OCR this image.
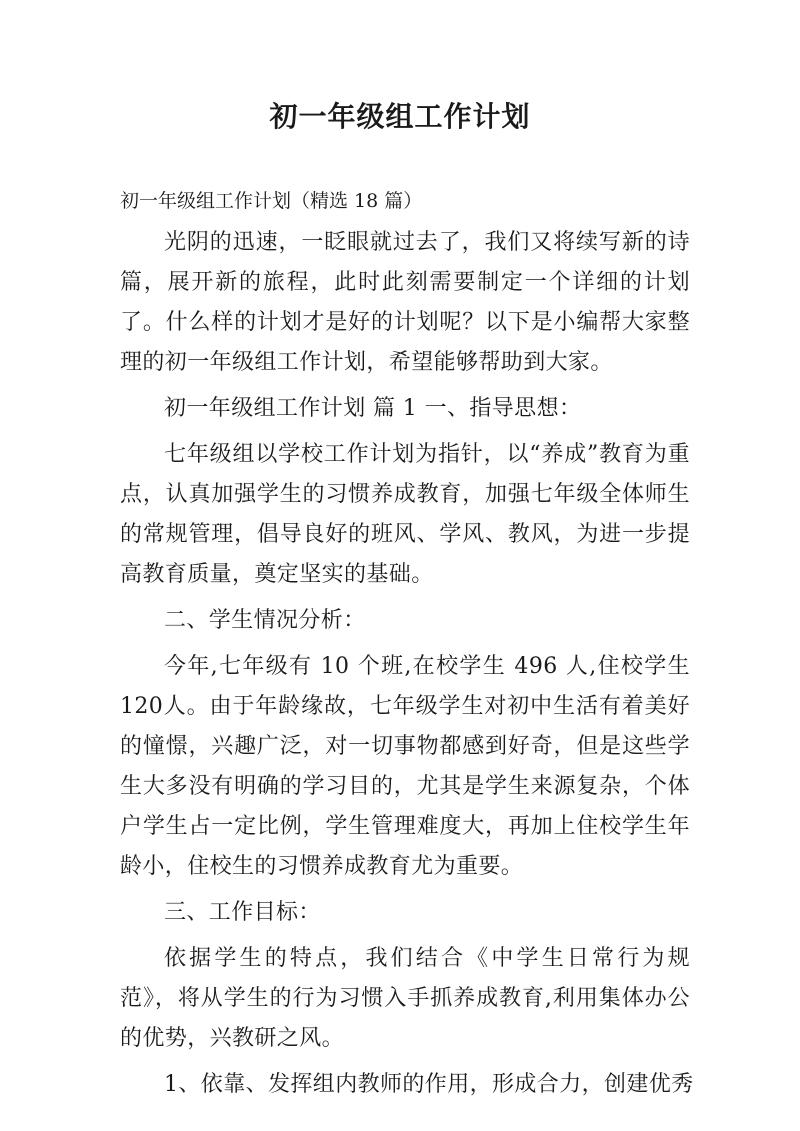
初一年级组工作计划

初一年级组工作计划（精选 18 篇）

光阴的迅速，一眨眼就过去了，我们又将续写新的诗篇，展开新的旅程，此时此刻需要制定一个详细的计划了。什么样的计划才是好的计划呢？以下是小编帮大家整理的初一年级组工作计划，希望能够帮助到大家。

初一年级组工作计划 篇 1 一、指导思想：

七年级组以学校工作计划为指针，以“养成”教育为重点，认真加强学生的习惯养成教育，加强七年级全体师生的常规管理，倡导良好的班风、学风、教风，为进一步提高教育质量，奠定坚实的基础。

二、学生情况分析：

今年,七年级有 10 个班,在校学生 496 人,住校学生 120人。由于年龄缘故，七年级学生对初中生活有着美好的憧憬，兴趣广泛，对一切事物都感到好奇，但是这些学生大多没有明确的学习目的，尤其是学生来源复杂，个体户学生占一定比例，学生管理难度大，再加上住校学生年龄小，住校生的习惯养成教育尤为重要。

三、工作目标：

依据学生的特点，我们结合《中学生日常行为规范》，将从学生的行为习惯入手抓养成教育,利用集体办公的优势，兴教研之风。

1、依靠、发挥组内教师的作用，形成合力，创建优秀
